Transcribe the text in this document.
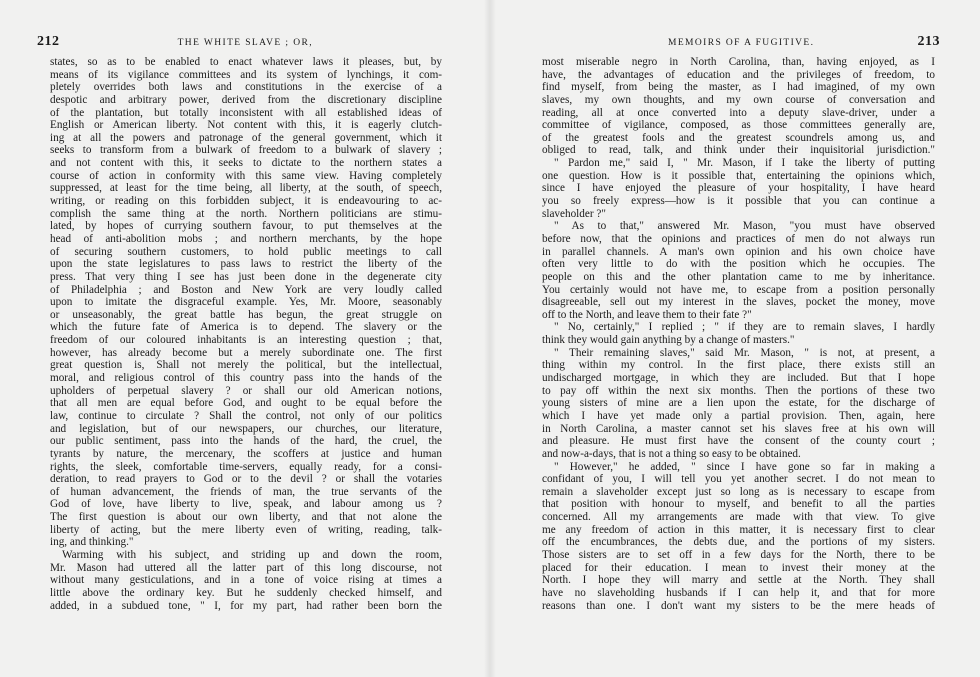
212	THE WHITE SLAVE ; OR,
states, so as to be enabled to enact whatever laws it pleases, but, by
means of its vigilance committees and its system of lynchings, it com-
pletely overrides both laws and constitutions in the exercise of a
despotic and arbitrary power, derived from the discretionary discipline
of the plantation, but totally inconsistent with all established ideas of
English or American liberty. Not content with this, it is eagerly clutch-
ing at all the powers and patronage of the general government, which it
seeks to transform from a bulwark of freedom to a bulwark of slavery ;
and not content with this, it seeks to dictate to the northern states a
course of action in conformity with this same view. Having completely
suppressed, at least for the time being, all liberty, at the south, of speech,
writing, or reading on this forbidden subject, it is endeavouring to ac-
complish the same thing at the north. Northern politicians are stimu-
lated, by hopes of currying southern favour, to put themselves at the
head of anti-abolition mobs ; and northern merchants, by the hope
of securing southern customers, to hold public meetings to call
upon the state legislatures to pass laws to restrict the liberty of the
press. That very thing I see has just been done in the degenerate city
of Philadelphia ; and Boston and New York are very loudly called
upon to imitate the disgraceful example. Yes, Mr. Moore, seasonably
or unseasonably, the great battle has begun, the great struggle on
which the future fate of America is to depend. The slavery or the
freedom of our coloured inhabitants is an interesting question ; that,
however, has already become but a merely subordinate one. The first
great question is, Shall not merely the political, but the intellectual,
moral, and religious control of this country pass into the hands of the
upholders of perpetual slavery ? or shall our old American notions,
that all men are equal before God, and ought to be equal before the
law, continue to circulate ? Shall the control, not only of our politics
and legislation, but of our newspapers, our churches, our literature,
our public sentiment, pass into the hands of the hard, the cruel, the
tyrants by nature, the mercenary, the scoffers at justice and human
rights, the sleek, comfortable time-servers, equally ready, for a consi-
deration, to read prayers to God or to the devil ? or shall the votaries
of human advancement, the friends of man, the true servants of the
God of love, have liberty to live, speak, and labour among us ?
The first question is about our own liberty, and that not alone the
liberty of acting, but the mere liberty even of writing, reading, talk-
ing, and thinking."
Warming with his subject, and striding up and down the room,
Mr. Mason had uttered all the latter part of this long discourse, not
without many gesticulations, and in a tone of voice rising at times a
little above the ordinary key. But he suddenly checked himself, and
added, in a subdued tone, " I, for my part, had rather been born the
MEMOIRS OF A FUGITIVE.	213
most miserable negro in North Carolina, than, having enjoyed, as I
have, the advantages of education and the privileges of freedom, to
find myself, from being the master, as I had imagined, of my own
slaves, my own thoughts, and my own course of conversation and
reading, all at once converted into a deputy slave-driver, under a
committee of vigilance, composed, as those committees generally are,
of the greatest fools and the greatest scoundrels among us, and
obliged to read, talk, and think under their inquisitorial jurisdiction."
" Pardon me," said I, " Mr. Mason, if I take the liberty of putting
one question. How is it possible that, entertaining the opinions which,
since I have enjoyed the pleasure of your hospitality, I have heard
you so freely express—how is it possible that you can continue a
slaveholder ?"
" As to that," answered Mr. Mason, "you must have observed
before now, that the opinions and practices of men do not always run
in parallel channels. A man's own opinion and his own choice have
often very little to do with the position which he occupies. The
people on this and the other plantation came to me by inheritance.
You certainly would not have me, to escape from a position personally
disagreeable, sell out my interest in the slaves, pocket the money, move
off to the North, and leave them to their fate ?"
" No, certainly," I replied ; " if they are to remain slaves, I hardly
think they would gain anything by a change of masters."
" Their remaining slaves," said Mr. Mason, " is not, at present, a
thing within my control. In the first place, there exists still an
undischarged mortgage, in which they are included. But that I hope
to pay off within the next six months. Then the portions of these two
young sisters of mine are a lien upon the estate, for the discharge of
which I have yet made only a partial provision. Then, again, here
in North Carolina, a master cannot set his slaves free at his own will
and pleasure. He must first have the consent of the county court ;
and now-a-days, that is not a thing so easy to be obtained.
" However," he added, " since I have gone so far in making a
confidant of you, I will tell you yet another secret. I do not mean to
remain a slaveholder except just so long as is necessary to escape from
that position with honour to myself, and benefit to all the parties
concerned. All my arrangements are made with that view. To give
me any freedom of action in this matter, it is necessary first to clear
off the encumbrances, the debts due, and the portions of my sisters.
Those sisters are to set off in a few days for the North, there to be
placed for their education. I mean to invest their money at the
North. I hope they will marry and settle at the North. They shall
have no slaveholding husbands if I can help it, and that for more
reasons than one. I don't want my sisters to be the mere heads of
